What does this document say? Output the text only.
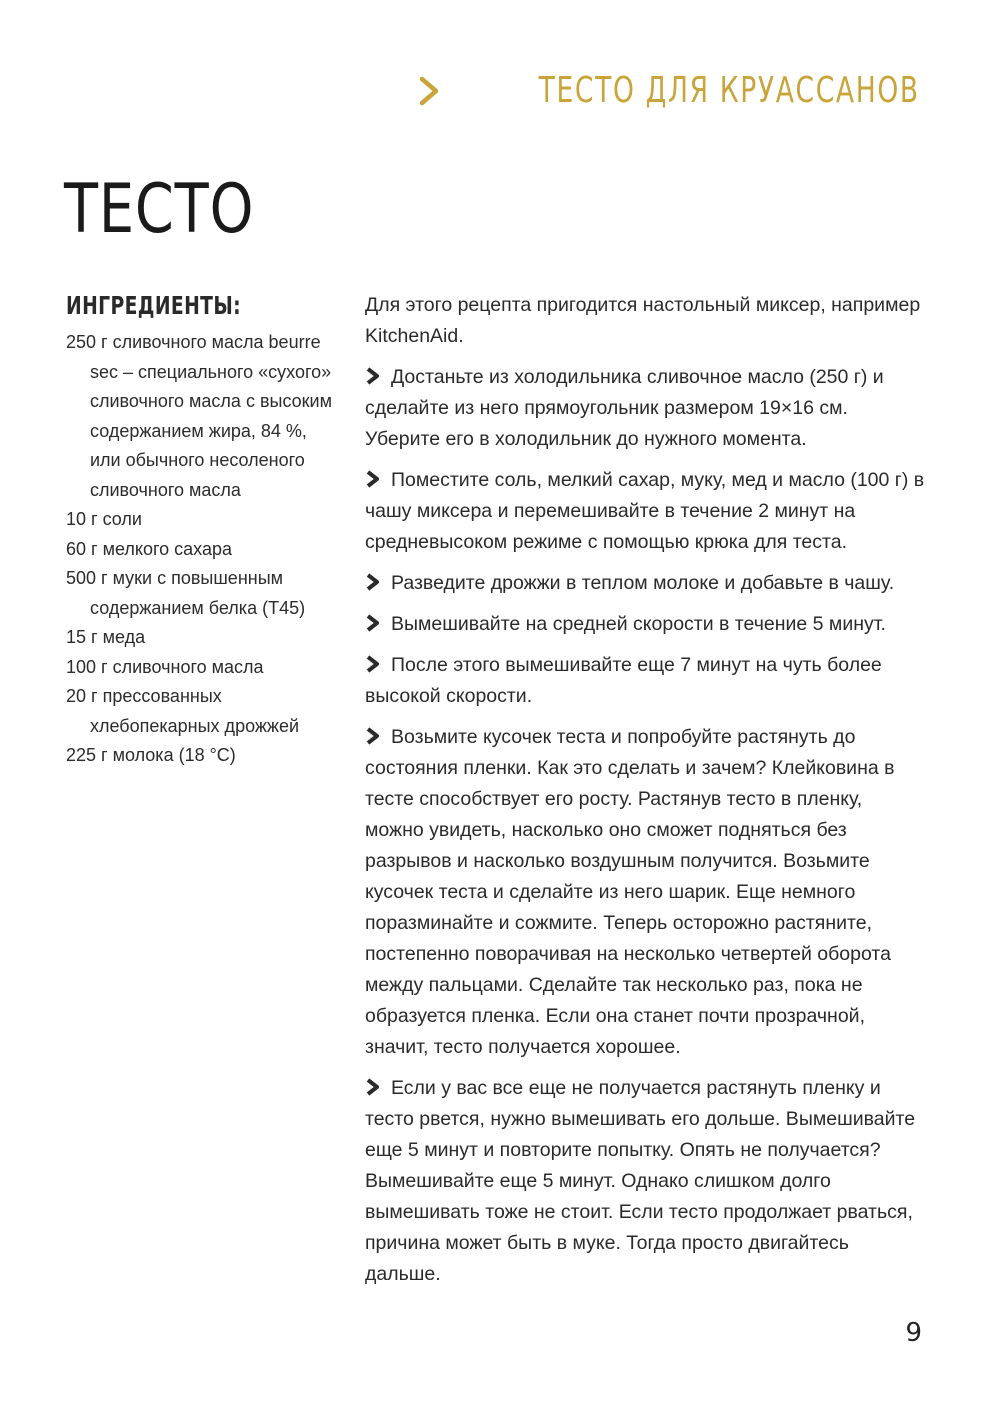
ТЕСТО ДЛЯ КРУАССАНОВ
ТЕСТО
ИНГРЕДИЕНТЫ:
250 г сливочного масла beurre sec – специального «сухого» сливочного масла с высоким содержанием жира, 84 %, или обычного несоленого сливочного масла
10 г соли
60 г мелкого сахара
500 г муки с повышенным содержанием белка (T45)
15 г меда
100 г сливочного масла
20 г прессованных хлебопекарных дрожжей
225 г молока (18 °C)

Для этого рецепта пригодится настольный миксер, например KitchenAid.

Достаньте из холодильника сливочное масло (250 г) и сделайте из него прямоугольник размером 19×16 см. Уберите его в холодильник до нужного момента.

Поместите соль, мелкий сахар, муку, мед и масло (100 г) в чашу миксера и перемешивайте в течение 2 минут на средневысоком режиме с помощью крюка для теста.

Разведите дрожжи в теплом молоке и добавьте в чашу.

Вымешивайте на средней скорости в течение 5 минут.

После этого вымешивайте еще 7 минут на чуть более высокой скорости.

Возьмите кусочек теста и попробуйте растянуть до состояния пленки. Как это сделать и зачем? Клейковина в тесте способствует его росту. Растянув тесто в пленку, можно увидеть, насколько оно сможет подняться без разрывов и насколько воздушным получится. Возьмите кусочек теста и сделайте из него шарик. Еще немного поразминайте и сожмите. Теперь осторожно растяните, постепенно поворачивая на несколько четвертей оборота между пальцами. Сделайте так несколько раз, пока не образуется пленка. Если она станет почти прозрачной, значит, тесто получается хорошее.

Если у вас все еще не получается растянуть пленку и тесто рвется, нужно вымешивать его дольше. Вымешивайте еще 5 минут и повторите попытку. Опять не получается? Вымешивайте еще 5 минут. Однако слишком долго вымешивать тоже не стоит. Если тесто продолжает рваться, причина может быть в муке. Тогда просто двигайтесь дальше.

9
